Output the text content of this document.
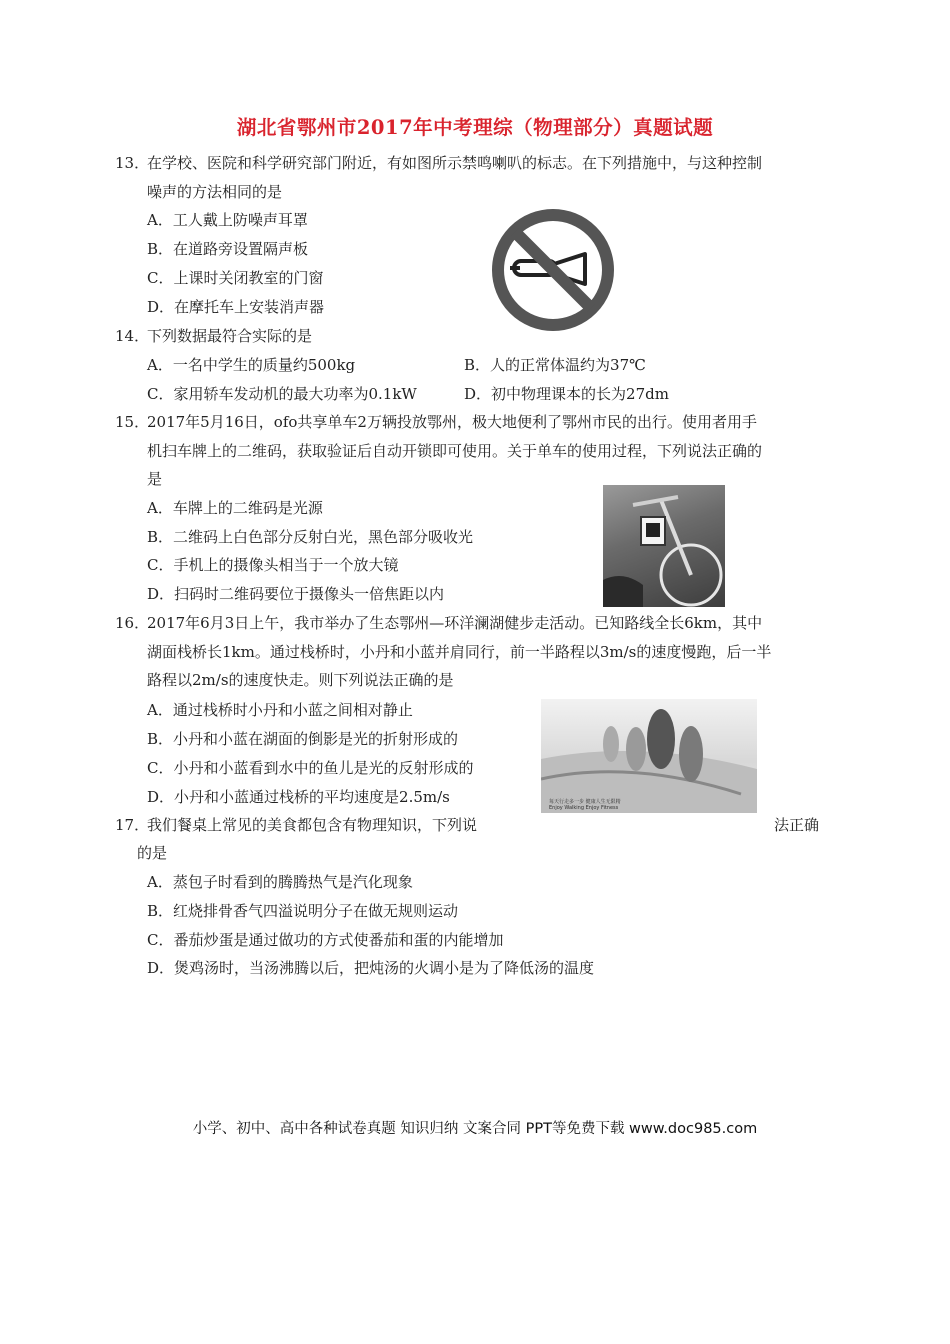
湖北省鄂州市2017年中考理综（物理部分）真题试题
13．
在学校、医院和科学研究部门附近，有如图所示禁鸣喇叭的标志。在下列措施中，与这种控制
噪声的方法相同的是
A．工人戴上防噪声耳罩
B．在道路旁设置隔声板
C．上课时关闭教室的门窗
D．在摩托车上安装消声器
14．
下列数据最符合实际的是
A．一名中学生的质量约500kg	B．人的正常体温约为37℃
C．家用轿车发动机的最大功率为0.1kW	D．初中物理课本的长为27dm
15．
2017年5月16日，ofo共享单车2万辆投放鄂州，极大地便利了鄂州市民的出行。使用者用手
机扫车牌上的二维码，获取验证后自动开锁即可使用。关于单车的使用过程，下列说法正确的
是
A．车牌上的二维码是光源
B．二维码上白色部分反射白光，黑色部分吸收光
C．手机上的摄像头相当于一个放大镜
D．扫码时二维码要位于摄像头一倍焦距以内
16．
2017年6月3日上午，我市举办了生态鄂州—环洋澜湖健步走活动。已知路线全长6km，其中
湖面栈桥长1km。通过栈桥时，小丹和小蓝并肩同行，前一半路程以3m/s的速度慢跑，后一半
路程以2m/s的速度快走。则下列说法正确的是
A．通过栈桥时小丹和小蓝之间相对静止
B．小丹和小蓝在湖面的倒影是光的折射形成的
C．小丹和小蓝看到水中的鱼儿是光的反射形成的
D．小丹和小蓝通过栈桥的平均速度是2.5m/s	每天行走多一步 健康人生无限精
Enjoy Walking Enjoy Fitness
17．
我们餐桌上常见的美食都包含有物理知识，下列说	法正确
的是
A．蒸包子时看到的腾腾热气是汽化现象
B．红烧排骨香气四溢说明分子在做无规则运动
C．番茄炒蛋是通过做功的方式使番茄和蛋的内能增加
D．煲鸡汤时，当汤沸腾以后，把炖汤的火调小是为了降低汤的温度
小学、初中、高中各种试卷真题 知识归纳 文案合同 PPT等免费下载 www.doc985.com
